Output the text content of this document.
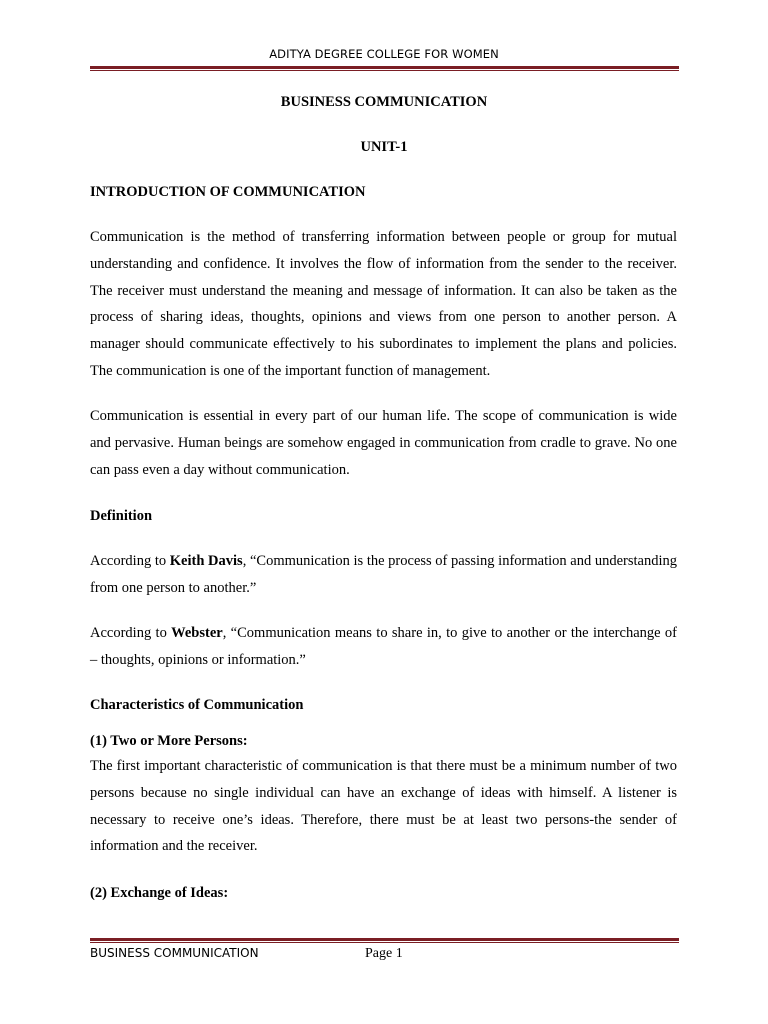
ADITYA DEGREE COLLEGE FOR WOMEN
BUSINESS COMMUNICATION
UNIT-1
INTRODUCTION OF COMMUNICATION
Communication is the method of transferring information between people or group for mutual understanding and confidence. It involves the flow of information from the sender to the receiver. The receiver must understand the meaning and message of information. It can also be taken as the process of sharing ideas, thoughts, opinions and views from one person to another person. A manager should communicate effectively to his subordinates to implement the plans and policies. The communication is one of the important function of management.
Communication is essential in every part of our human life. The scope of communication is wide and pervasive. Human beings are somehow engaged in communication from cradle to grave. No one can pass even a day without communication.
Definition
According to Keith Davis, “Communication is the process of passing information and understanding from one person to another.”
According to Webster, “Communication means to share in, to give to another or the interchange of – thoughts, opinions or information.”
Characteristics of Communication
(1) Two or More Persons:
The first important characteristic of communication is that there must be a minimum number of two persons because no single individual can have an exchange of ideas with himself. A listener is necessary to receive one’s ideas. Therefore, there must be at least two persons-the sender of information and the receiver.
(2) Exchange of Ideas:
BUSINESS COMMUNICATION	Page 1
